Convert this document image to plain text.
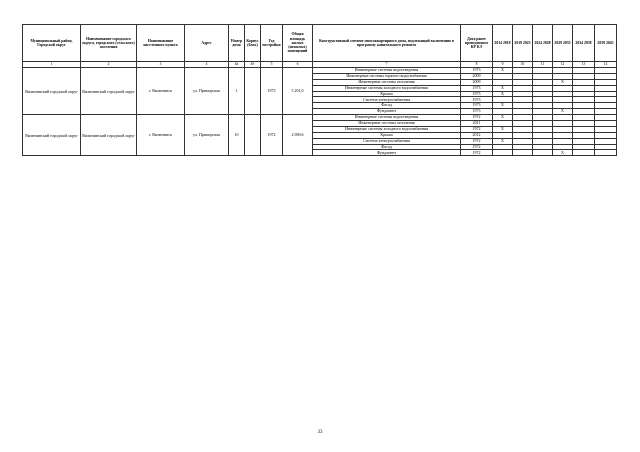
Муниципальный район, Городской округ	Наименование городского округа, городского (сельского) поселения	Наименование населенного пункта	Адрес	Номер дома	Корпус (блок)	Год постройки	Общая площадь жилых (нежилых) помещений	Конструктивный элемент многоквартирного дома, подлежащий включению в программу капитального ремонта	Дата ранее проведенного КР КЭ	2014 2018	2019 2023	2024 2028	2029 2033	2034 2038	2039 2043
1	2	3	4	4а	4б	5	6	7	8	9	10	11	12	13	14
Вилючинский городской округ	Вилючинский городской округ	г. Вилючинск	ул. Приморская	1		1973	5 201,0	Инженерные системы водоотведения	1973	X					
								Инженерные системы горячего водоснабжения	2009						
								Инженерные системы отопления	2009				X		
								Инженерные системы холодного водоснабжения	1973	X					
								Крыша	1973	X					
								Система электроснабжения	1973						
								Фасад	1973	X					
								Фундамент	1973				X		
Вилючинский городской округ	Вилючинский городской округ	г. Вилючинск	ул. Приморская	10		1972	2 690,6	Инженерные системы водоотведения	1972	X					
								Инженерные системы отопления	2011						
								Инженерные системы холодного водоснабжения	1972	X					
								Крыша	2012						
								Система электроснабжения	1972	X					
								Фасад	1972						
								Фундамент	1972				X		
33
